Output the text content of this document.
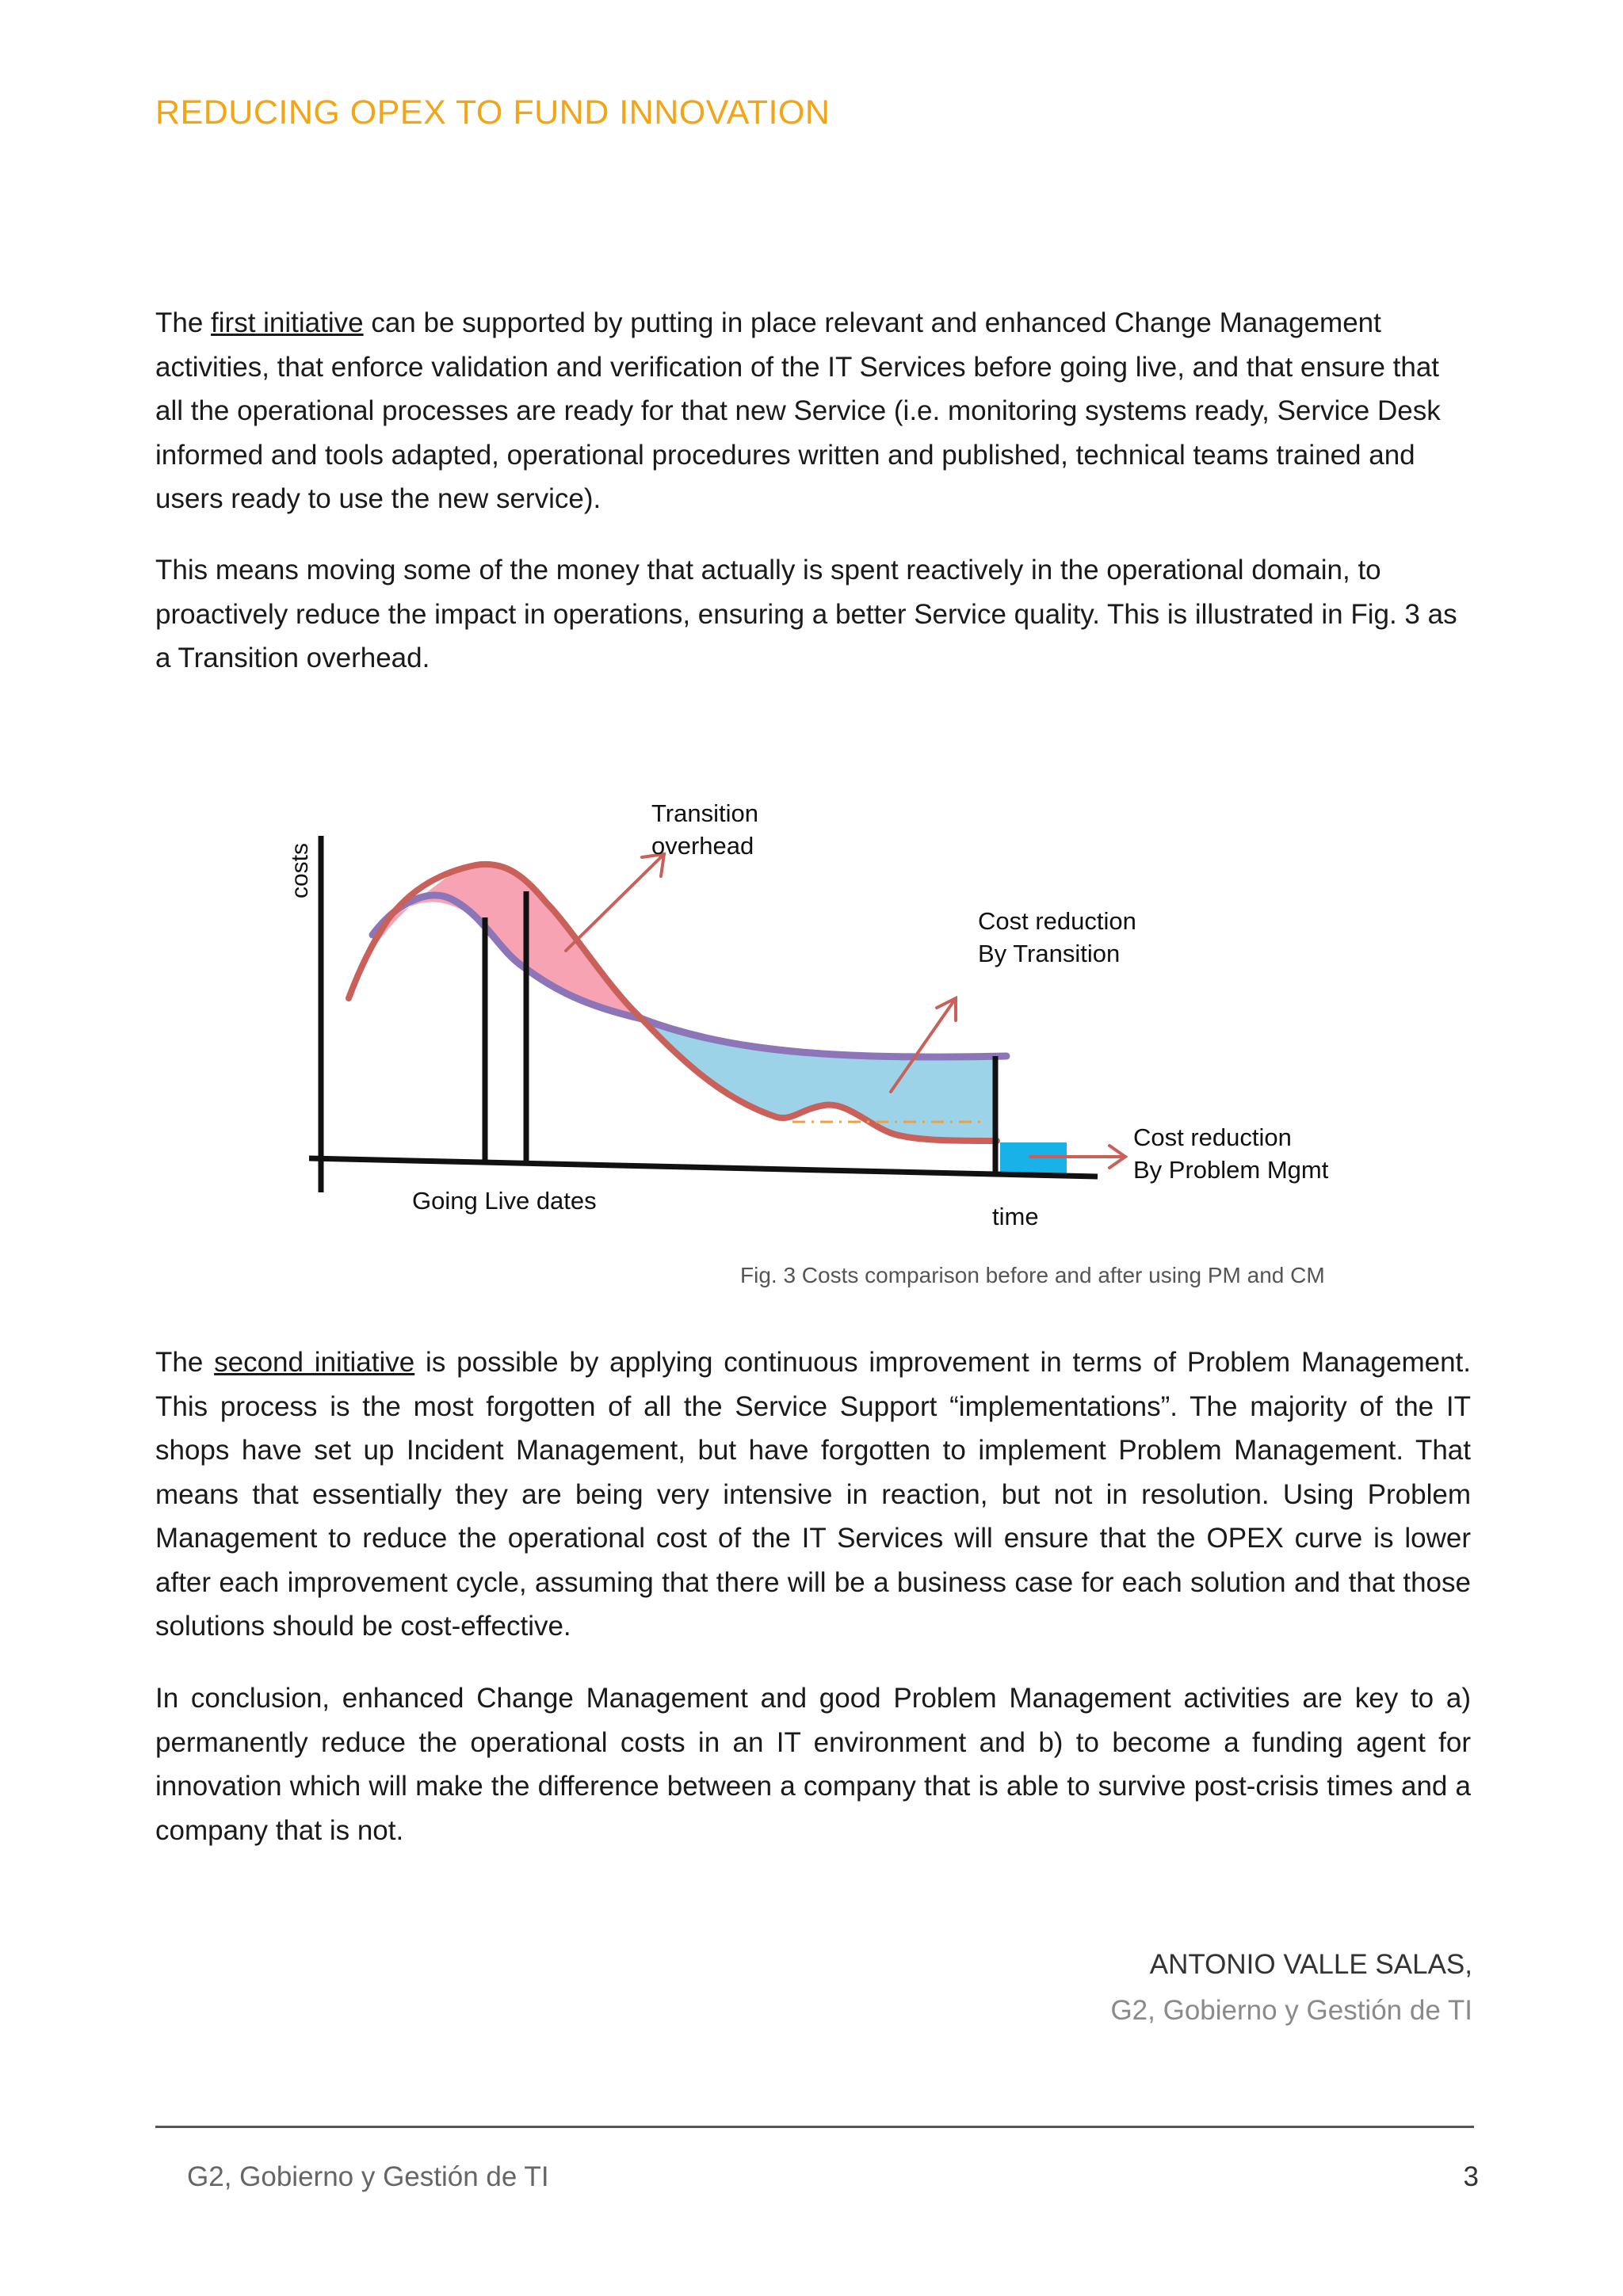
REDUCING OPEX TO FUND INNOVATION

The first initiative can be supported by putting in place relevant and enhanced Change Management activities, that enforce validation and verification of the IT Services before going live, and that ensure that all the operational processes are ready for that new Service (i.e. monitoring systems ready, Service Desk informed and tools adapted, operational procedures written and published, technical teams trained and users ready to use the new service).

This means moving some of the money that actually is spent reactively in the operational domain, to proactively reduce the impact in operations, ensuring a better Service quality. This is illustrated in Fig. 3 as a Transition overhead.

costs
Transition
overhead
Cost reduction
By Transition
Cost reduction
By Problem Mgmt
Going Live dates
time

Fig. 3 Costs comparison before and after using PM and CM

The second initiative is possible by applying continuous improvement in terms of Problem Management. This process is the most forgotten of all the Service Support “implementations”. The majority of the IT shops have set up Incident Management, but have forgotten to implement Problem Management. That means that essentially they are being very intensive in reaction, but not in resolution. Using Problem Management to reduce the operational cost of the IT Services will ensure that the OPEX curve is lower after each improvement cycle, assuming that there will be a business case for each solution and that those solutions should be cost-effective.

In conclusion, enhanced Change Management and good Problem Management activities are key to a) permanently reduce the operational costs in an IT environment and b) to become a funding agent for innovation which will make the difference between a company that is able to survive post-crisis times and a company that is not.

ANTONIO VALLE SALAS,
G2, Gobierno y Gestión de TI
G2, Gobierno y Gestión de TI	3
